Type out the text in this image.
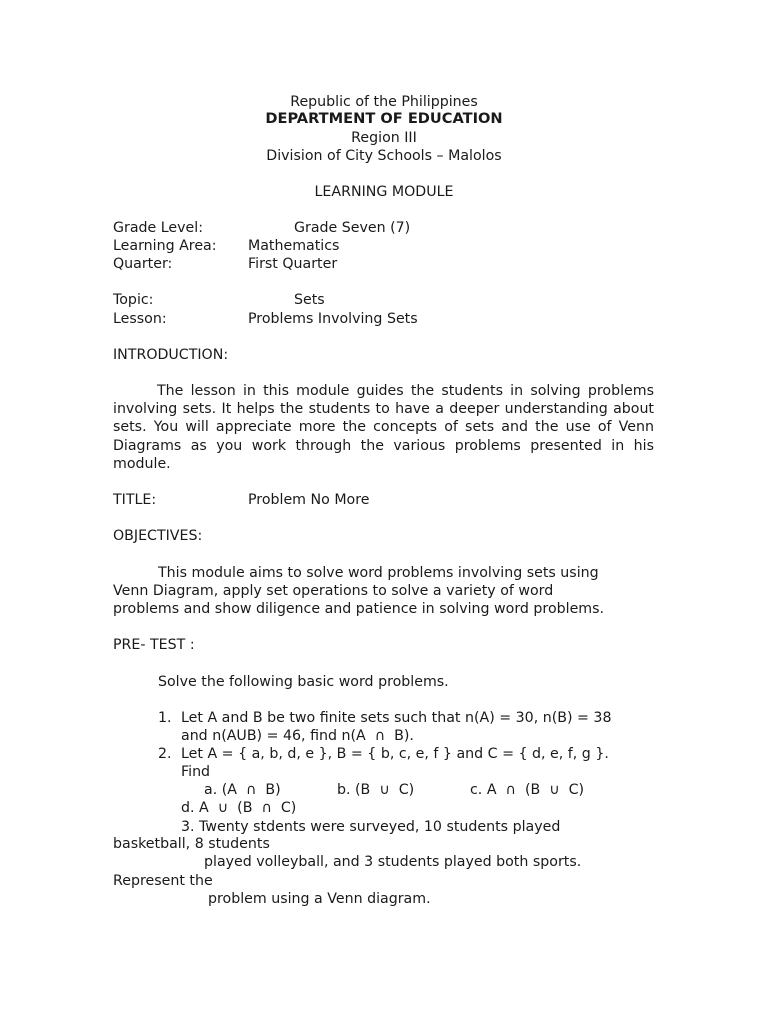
Republic of the Philippines
DEPARTMENT OF EDUCATION
Region III
Division of City Schools – Malolos
LEARNING MODULE
Grade Level:	Grade Seven (7)
Learning Area: Mathematics
Quarter:	First Quarter
Topic:	Sets
Lesson:	Problems Involving Sets
INTRODUCTION:
The lesson in this module guides the students in solving problems involving sets. It helps the students to have a deeper understanding about sets. You will appreciate more the concepts of sets and the use of Venn Diagrams as you work through the various problems presented in his module.
TITLE:	Problem No More
OBJECTIVES:
This module aims to solve word problems involving sets using
Venn Diagram, apply set operations to solve a variety of word
problems and show diligence and patience in solving word problems.
PRE- TEST :
Solve the following basic word problems.
1. Let A and B be two finite sets such that n(A) = 30, n(B) = 38
and n(AUB) = 46, find n(A  ∩  B).
2. Let A = { a, b, d, e }, B = { b, c, e, f } and C = { d, e, f, g }.
Find
a. (A  ∩  B)	b. (B  ∪  C)	c. A  ∩  (B  ∪  C)
d. A  ∪  (B  ∩  C)
3. Twenty stdents were surveyed, 10 students played
basketball, 8 students
played volleyball, and 3 students played both sports.
Represent the
problem using a Venn diagram.
